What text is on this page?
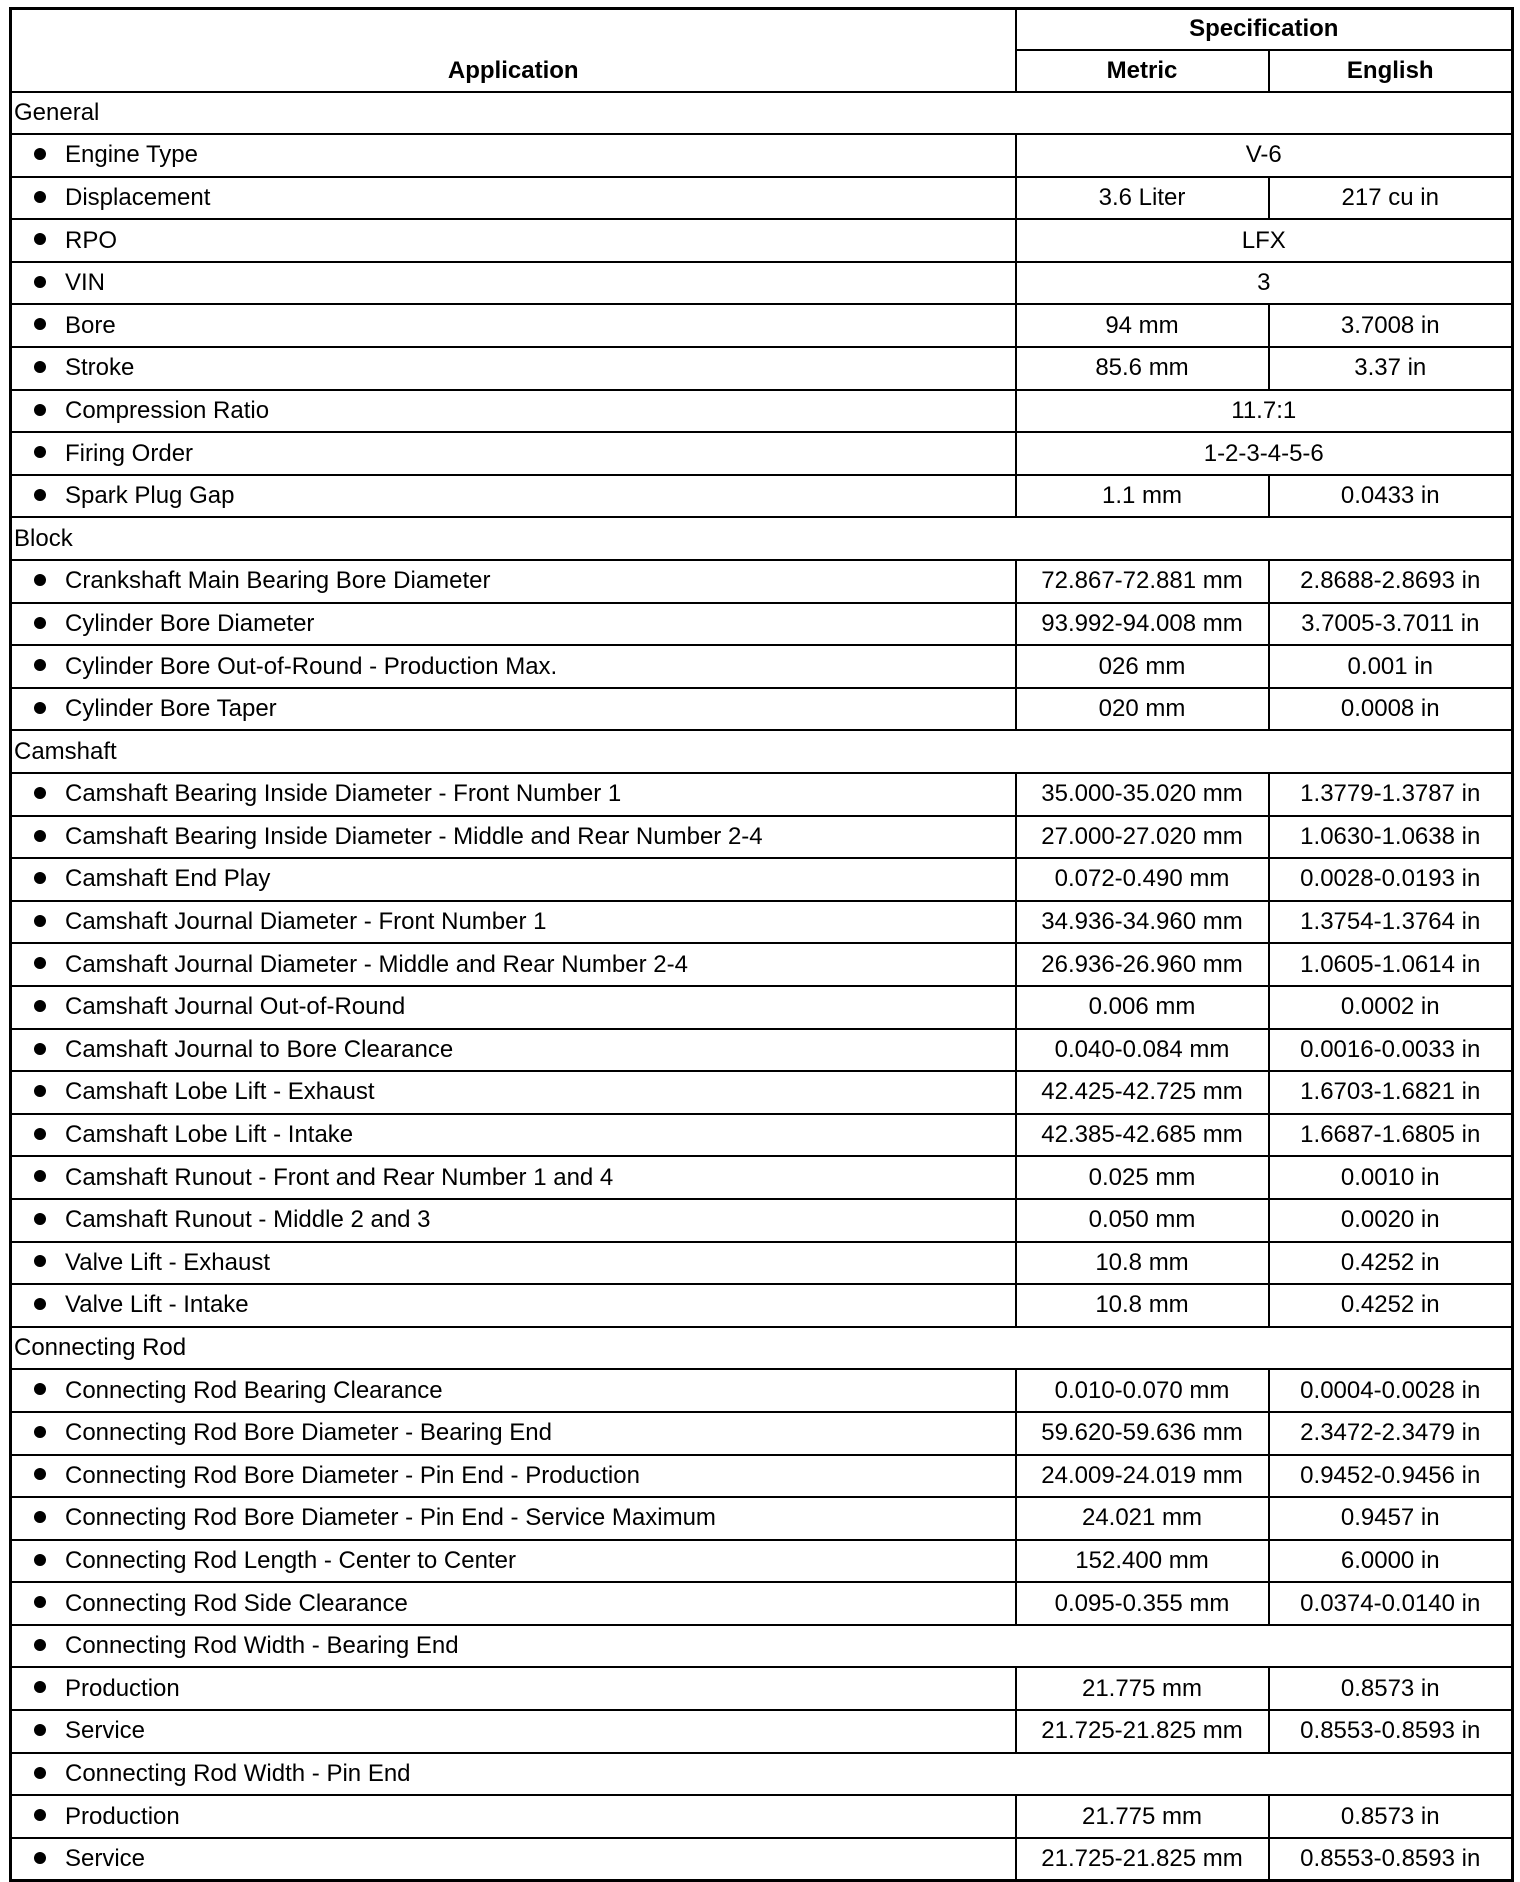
Application	Specification	
	Metric	English
General		
Engine Type	V-6	
Displacement	3.6 Liter	217 cu in
RPO	LFX	
VIN	3	
Bore	94 mm	3.7008 in
Stroke	85.6 mm	3.37 in
Compression Ratio	11.7:1	
Firing Order	1-2-3-4-5-6	
Spark Plug Gap	1.1 mm	0.0433 in
Block		
Crankshaft Main Bearing Bore Diameter	72.867-72.881 mm	2.8688-2.8693 in
Cylinder Bore Diameter	93.992-94.008 mm	3.7005-3.7011 in
Cylinder Bore Out-of-Round - Production Max.	026 mm	0.001 in
Cylinder Bore Taper	020 mm	0.0008 in
Camshaft		
Camshaft Bearing Inside Diameter - Front Number 1	35.000-35.020 mm	1.3779-1.3787 in
Camshaft Bearing Inside Diameter - Middle and Rear Number 2-4	27.000-27.020 mm	1.0630-1.0638 in
Camshaft End Play	0.072-0.490 mm	0.0028-0.0193 in
Camshaft Journal Diameter - Front Number 1	34.936-34.960 mm	1.3754-1.3764 in
Camshaft Journal Diameter - Middle and Rear Number 2-4	26.936-26.960 mm	1.0605-1.0614 in
Camshaft Journal Out-of-Round	0.006 mm	0.0002 in
Camshaft Journal to Bore Clearance	0.040-0.084 mm	0.0016-0.0033 in
Camshaft Lobe Lift - Exhaust	42.425-42.725 mm	1.6703-1.6821 in
Camshaft Lobe Lift - Intake	42.385-42.685 mm	1.6687-1.6805 in
Camshaft Runout - Front and Rear Number 1 and 4	0.025 mm	0.0010 in
Camshaft Runout - Middle 2 and 3	0.050 mm	0.0020 in
Valve Lift - Exhaust	10.8 mm	0.4252 in
Valve Lift - Intake	10.8 mm	0.4252 in
Connecting Rod		
Connecting Rod Bearing Clearance	0.010-0.070 mm	0.0004-0.0028 in
Connecting Rod Bore Diameter - Bearing End	59.620-59.636 mm	2.3472-2.3479 in
Connecting Rod Bore Diameter - Pin End - Production	24.009-24.019 mm	0.9452-0.9456 in
Connecting Rod Bore Diameter - Pin End - Service Maximum	24.021 mm	0.9457 in
Connecting Rod Length - Center to Center	152.400 mm	6.0000 in
Connecting Rod Side Clearance	0.095-0.355 mm	0.0374-0.0140 in
Connecting Rod Width - Bearing End		
Production	21.775 mm	0.8573 in
Service	21.725-21.825 mm	0.8553-0.8593 in
Connecting Rod Width - Pin End		
Production	21.775 mm	0.8573 in
Service	21.725-21.825 mm	0.8553-0.8593 in
